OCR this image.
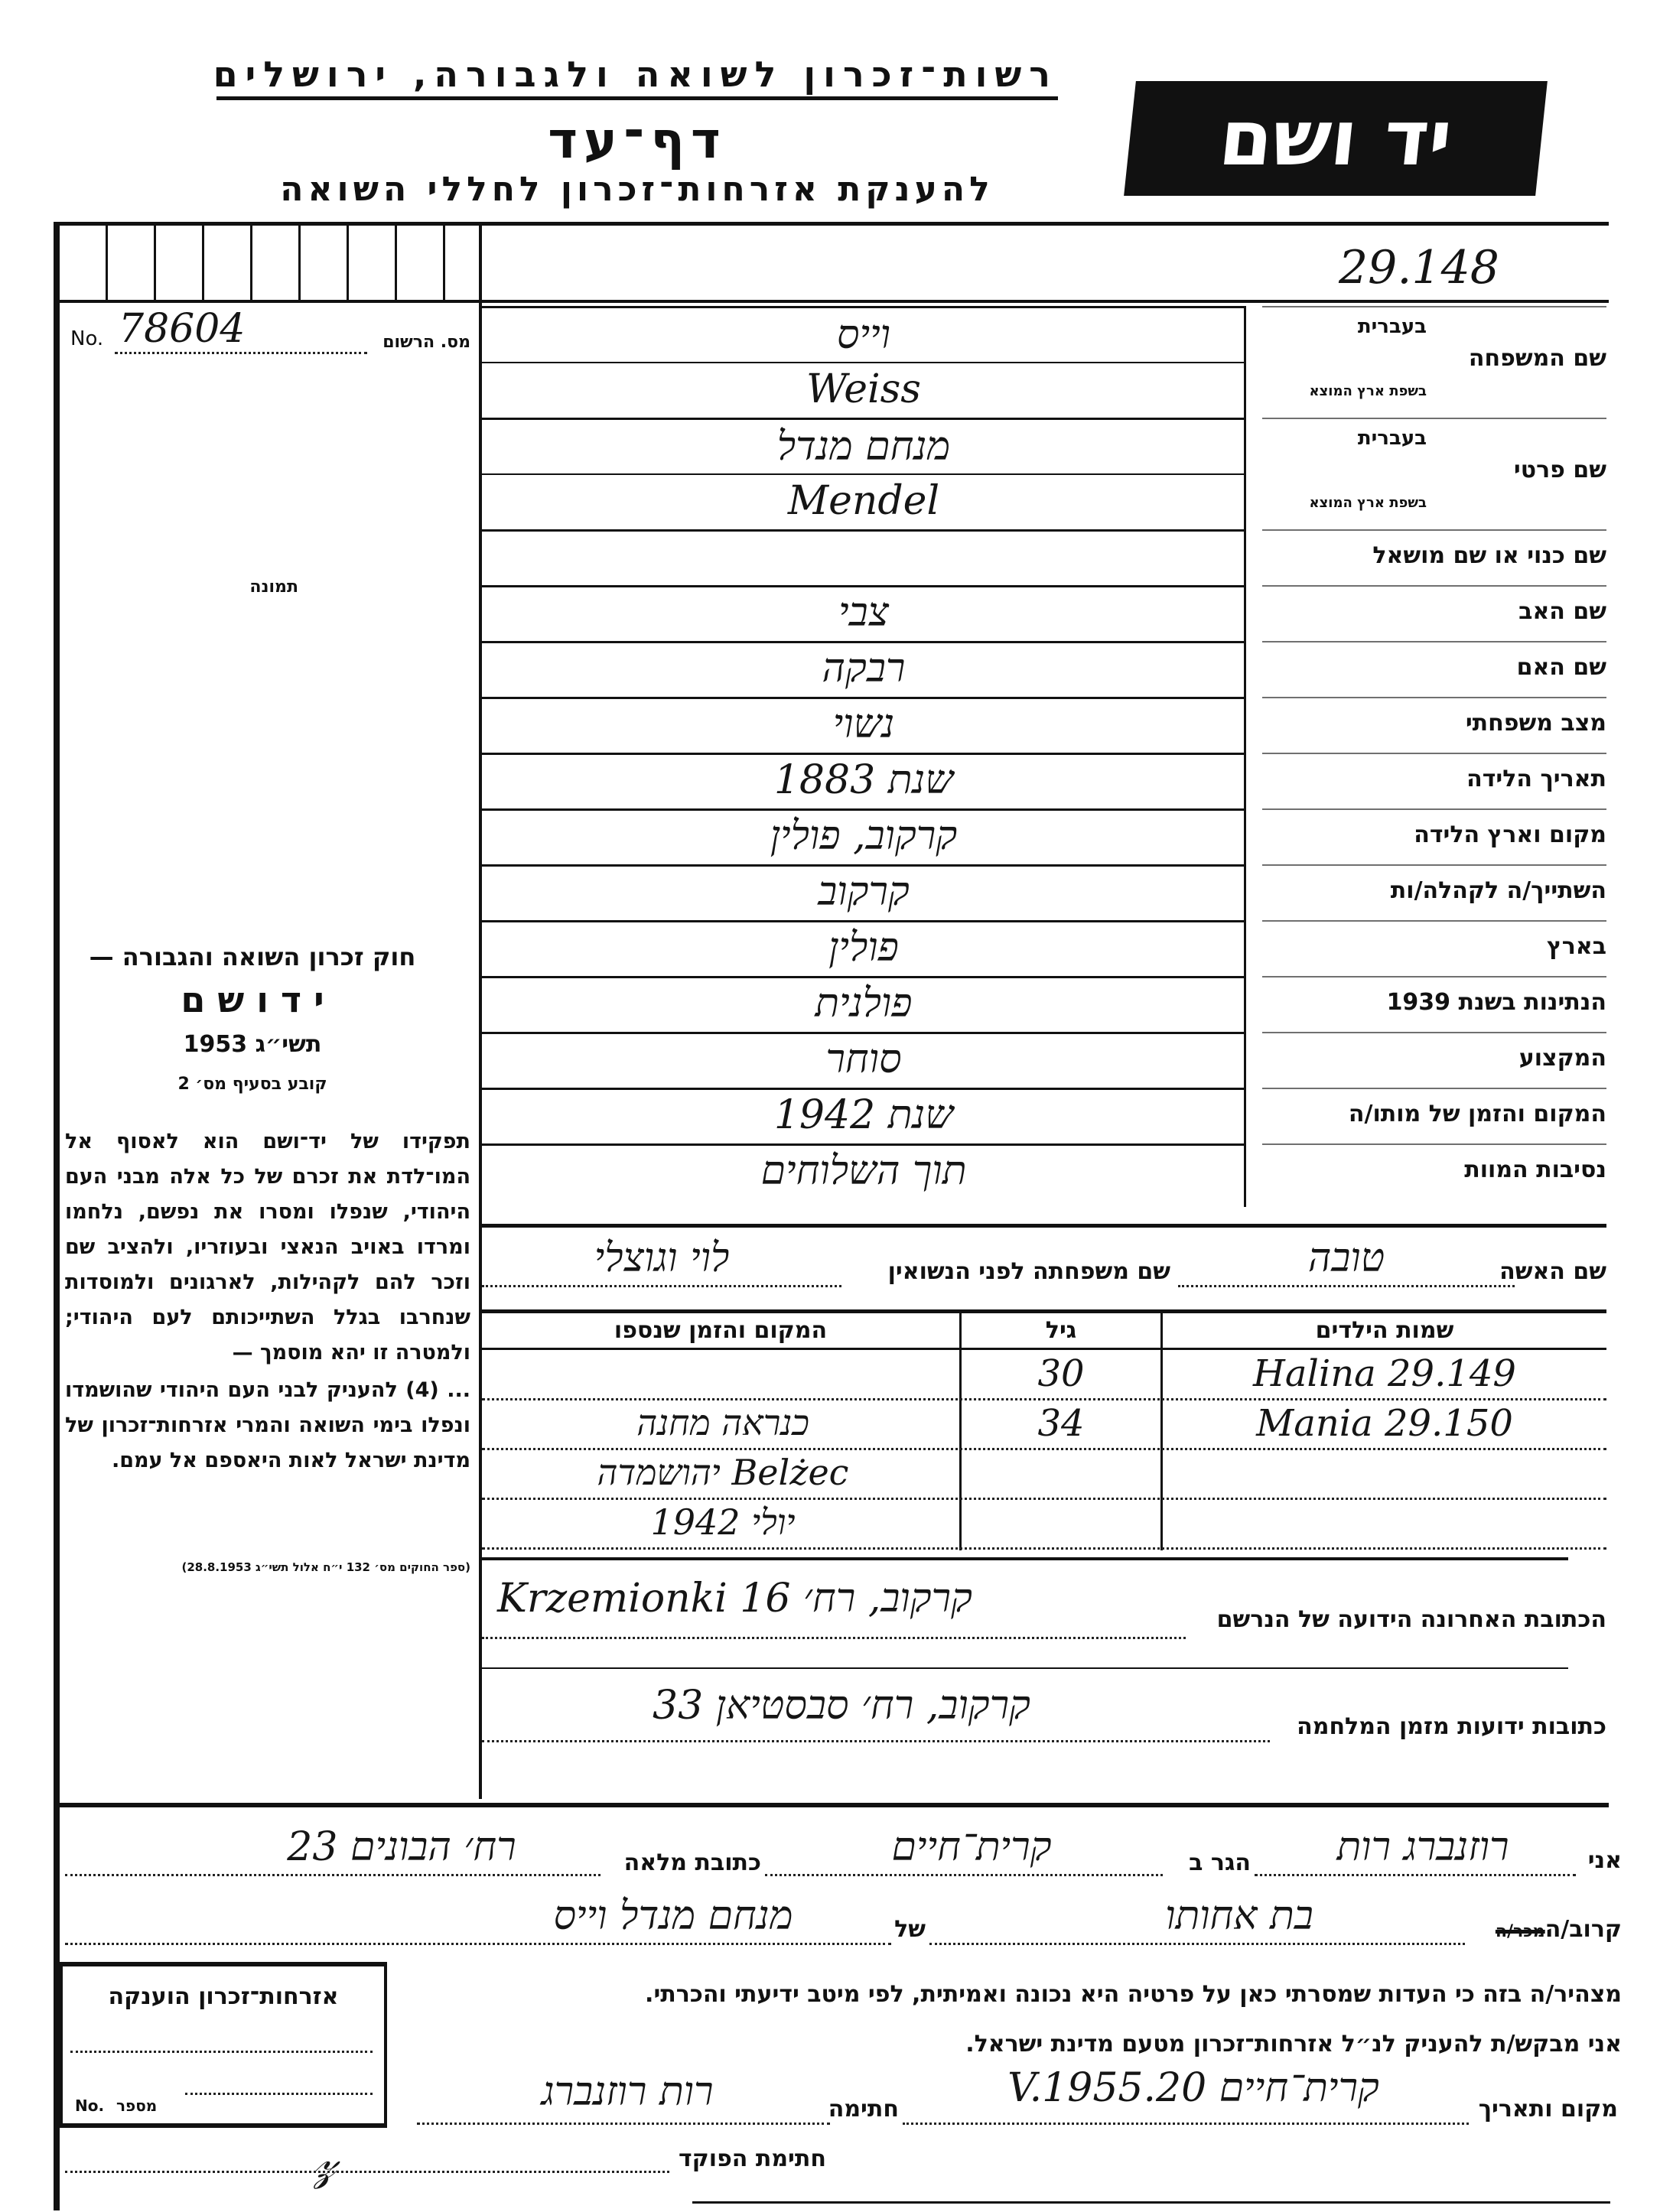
רשות־זכרון לשואה ולגבורה, ירושלים
דף־עד
להענקת אזרחות־זכרון לחללי השואה
יד ושם
29.148
No. 78604	מס. הרשום
תמונה
שם המשפחה
בעברית
בשפת ארץ המוצא
וייס
Weiss
שם פרטי
בעברית
בשפת ארץ המוצא
מנחם מנדל
Mendel
שם כנוי או שם מושאל
שם האב
צבי
שם האם
רבקה
מצב משפחתי
נשוי
תאריך הלידה
שנת 1883
מקום וארץ הלידה
קרקוב, פולין
השתייך/ה לקהלה/ות
קרקוב
בארץ
פולין
הנתינות בשנת 1939
פולנית
המקצוע
סוחר
המקום והזמן של מותו/ה
שנת 1942
נסיבות המוות
תוך השלוחים
חוק זכרון השואה והגבורה —
י ד ו ש ם
תשי״ג 1953
קובע בסעיף מס׳ 2
תפקידו של יד־ושם הוא לאסוף אל המו־לדת את זכרם של כל אלה מבני העם היהודי, שנפלו ומסרו את נפשם, נלחמו ומרדו באויב הנאצי ובעוזריו, ולהציב שם וזכר להם לקהילות, לארגונים ולמוסדות שנחרבו בגלל השתייכותם לעם היהודי; ולמטרה זו יהא מוסמך —
... (4) להעניק לבני העם היהודי שהושמדו ונפלו בימי השואה והמרי אזרחות־זכרון של מדינת ישראל לאות היאספם אל עמם.
(ספר החוקים מס׳ 132 י״ח אלול תשי״ג 28.8.1953)
שם האשה
טובה
שם משפחתה לפני הנשואין
לוי וגוצלי
שמות הילדים
גיל
המקום והזמן שנספו
Halina 29.149
30
Mania 29.150
34
כנראה מחנה
Belżec יהושמדה
יולי 1942
הכתובת האחרונה הידועה של הנרשם
Krzemionki קרקוב, רח׳ 16
כתובות ידועות מזמן המלחמה
קרקוב, רח׳ סבסטיאן 33
אני
רוזנברג רות
הגר ב
קרית־חיים
כתובת מלאה
רח׳ הבונים 23
קרוב/המכר/ה
בת אחותו
של
מנחם מנדל וייס
מצהיר/ה בזה כי העדות שמסרתי כאן על פרטיה היא נכונה ואמיתית, לפי מיטב ידיעתי והכרתי.
אני מבקש/ת להעניק לנ״ל אזרחות־זכרון מטעם מדינת ישראל.
מקום ותאריך
קרית־חיים 20.V.1955
חתימה
רות רוזנברג
חתימת הפוקד
𝓏
אזרחות־זכרון הוענקה
No. מספר
